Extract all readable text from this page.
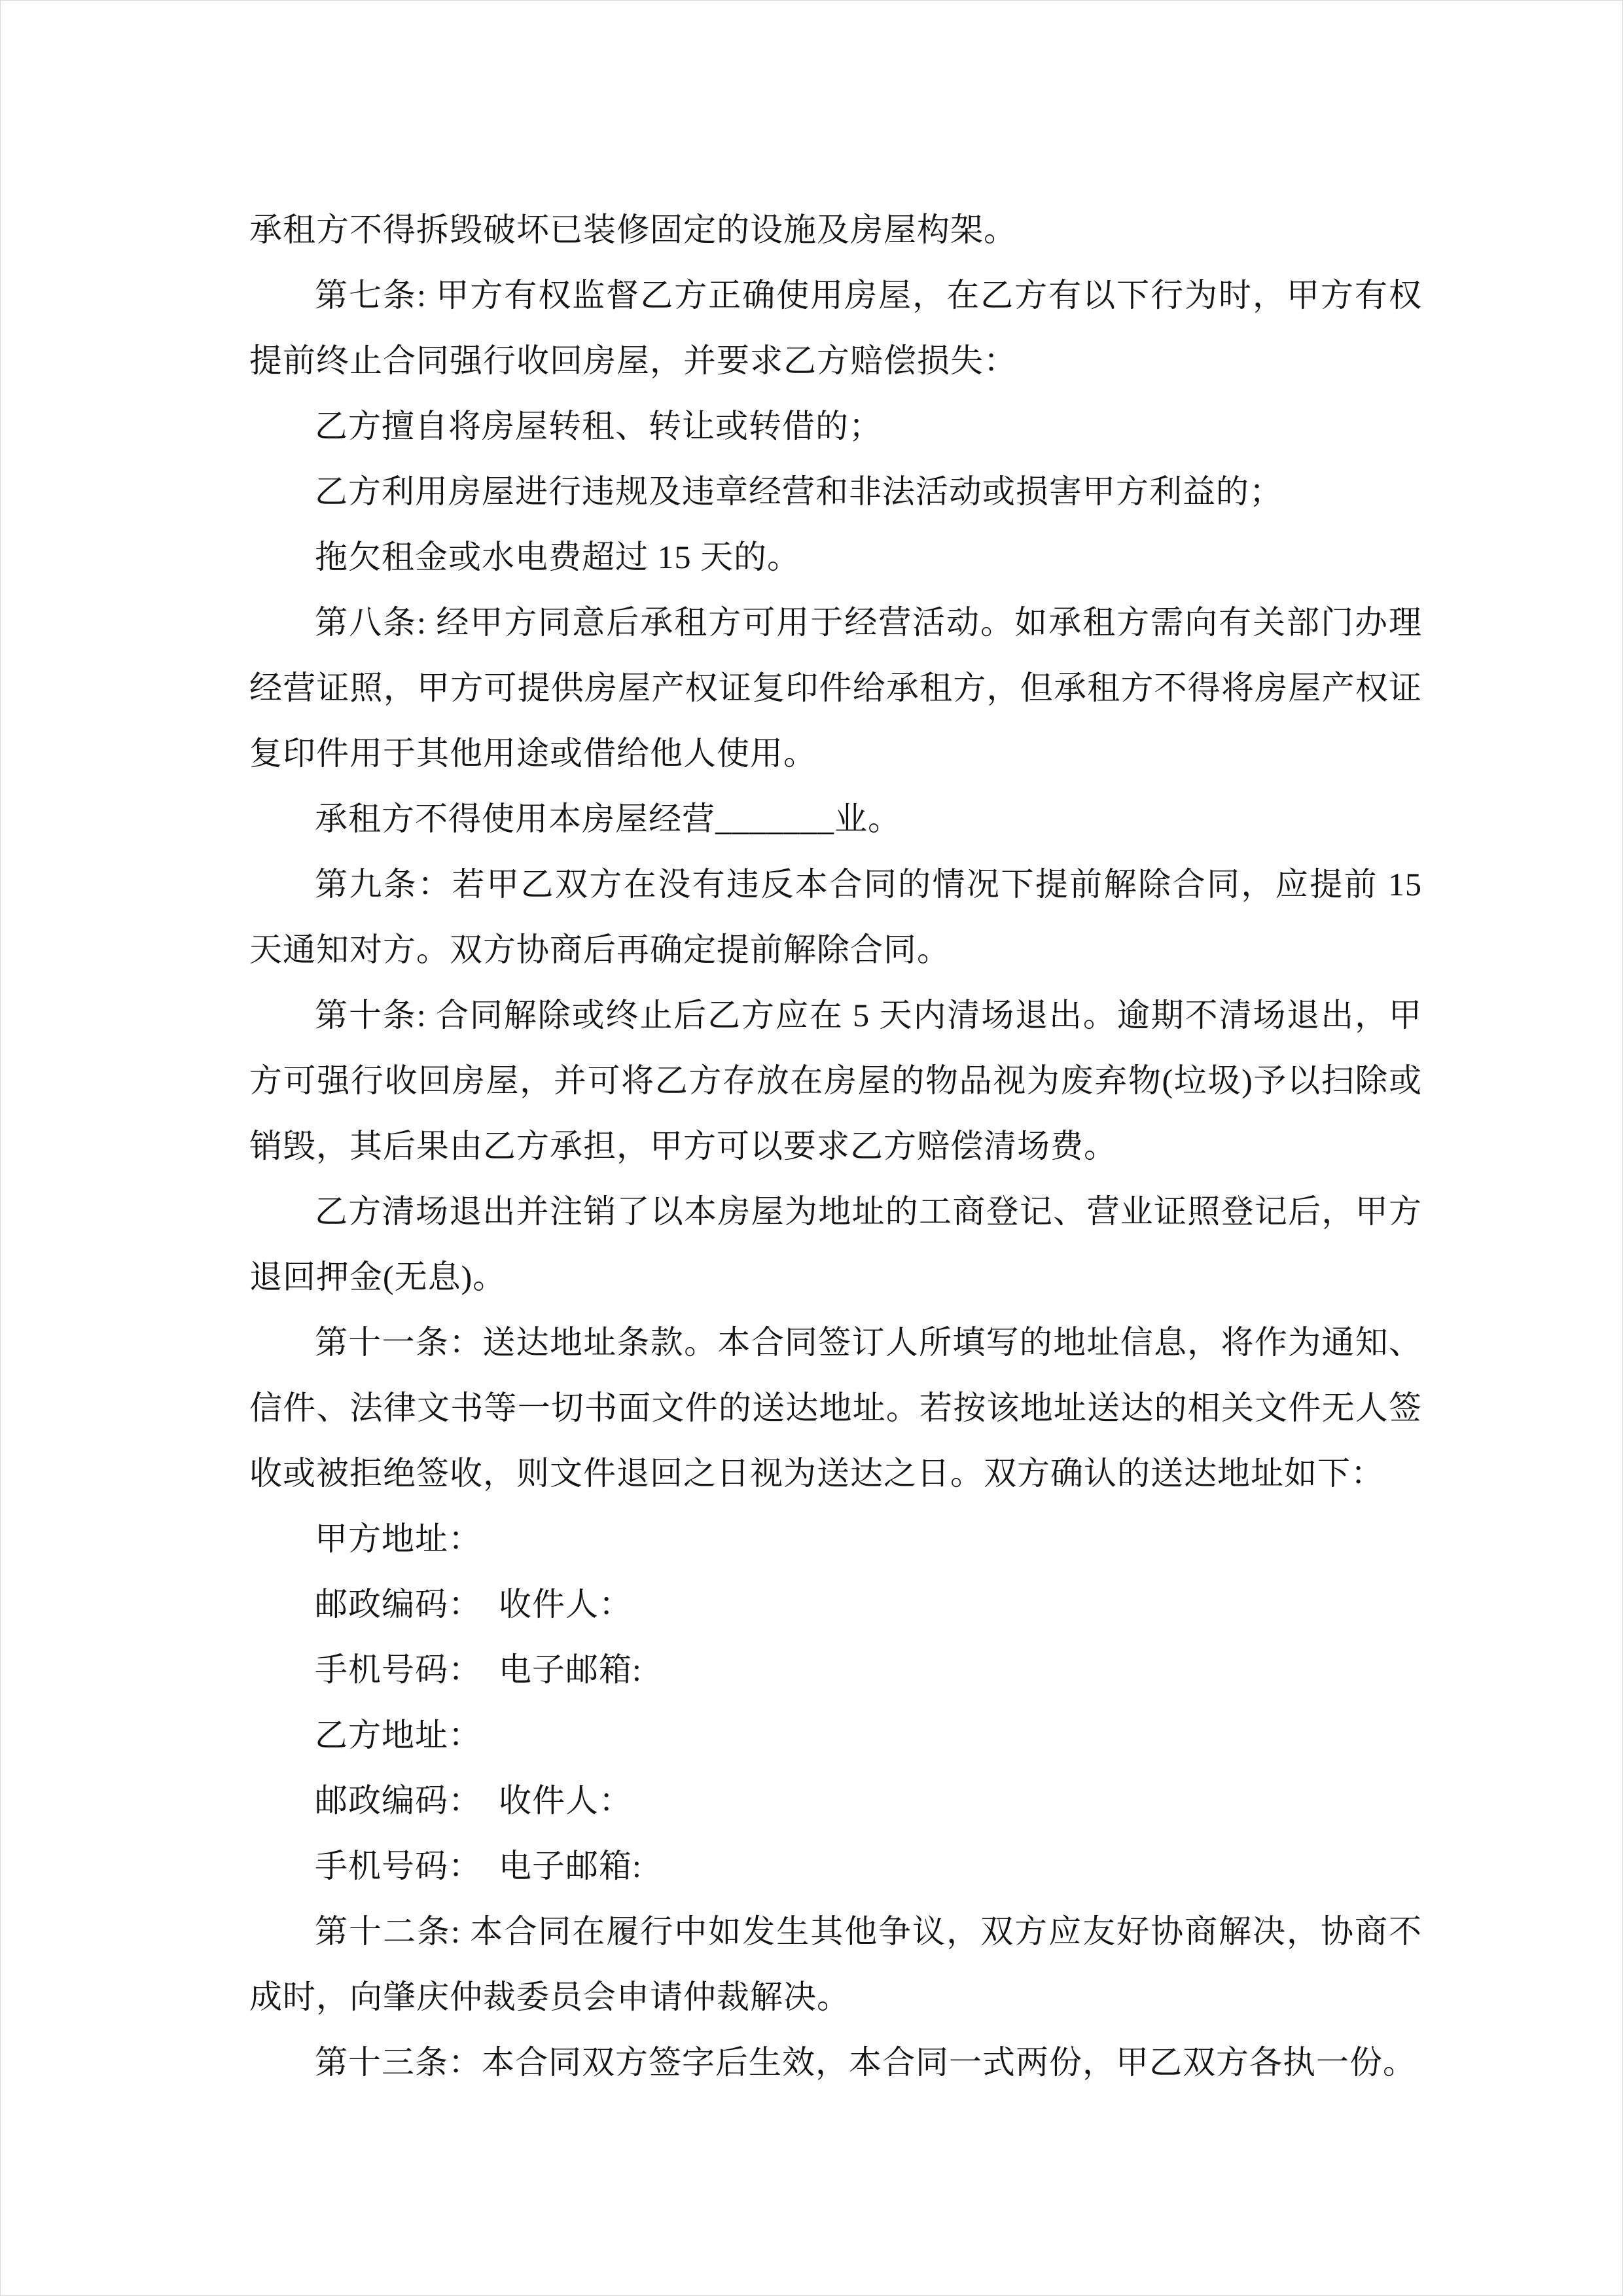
承租方不得拆毁破坏已装修固定的设施及房屋构架。
第七条: 甲方有权监督乙方正确使用房屋，在乙方有以下行为时，甲方有权
提前终止合同强行收回房屋，并要求乙方赔偿损失：
乙方擅自将房屋转租、转让或转借的；
乙方利用房屋进行违规及违章经营和非法活动或损害甲方利益的；
拖欠租金或水电费超过 15 天的。
第八条: 经甲方同意后承租方可用于经营活动。如承租方需向有关部门办理
经营证照，甲方可提供房屋产权证复印件给承租方，但承租方不得将房屋产权证
复印件用于其他用途或借给他人使用。
承租方不得使用本房屋经营_______业。
第九条：若甲乙双方在没有违反本合同的情况下提前解除合同，应提前 15
天通知对方。双方协商后再确定提前解除合同。
第十条: 合同解除或终止后乙方应在 5 天内清场退出。逾期不清场退出，甲
方可强行收回房屋，并可将乙方存放在房屋的物品视为废弃物(垃圾)予以扫除或
销毁，其后果由乙方承担，甲方可以要求乙方赔偿清场费。
乙方清场退出并注销了以本房屋为地址的工商登记、营业证照登记后，甲方
退回押金(无息)。
第十一条：送达地址条款。本合同签订人所填写的地址信息，将作为通知、
信件、法律文书等一切书面文件的送达地址。若按该地址送达的相关文件无人签
收或被拒绝签收，则文件退回之日视为送达之日。双方确认的送达地址如下：
甲方地址：
邮政编码：　收件人：
手机号码：　电子邮箱:
乙方地址：
邮政编码：　收件人：
手机号码：　电子邮箱:
第十二条: 本合同在履行中如发生其他争议，双方应友好协商解决，协商不
成时，向肇庆仲裁委员会申请仲裁解决。
第十三条：本合同双方签字后生效，本合同一式两份，甲乙双方各执一份。
